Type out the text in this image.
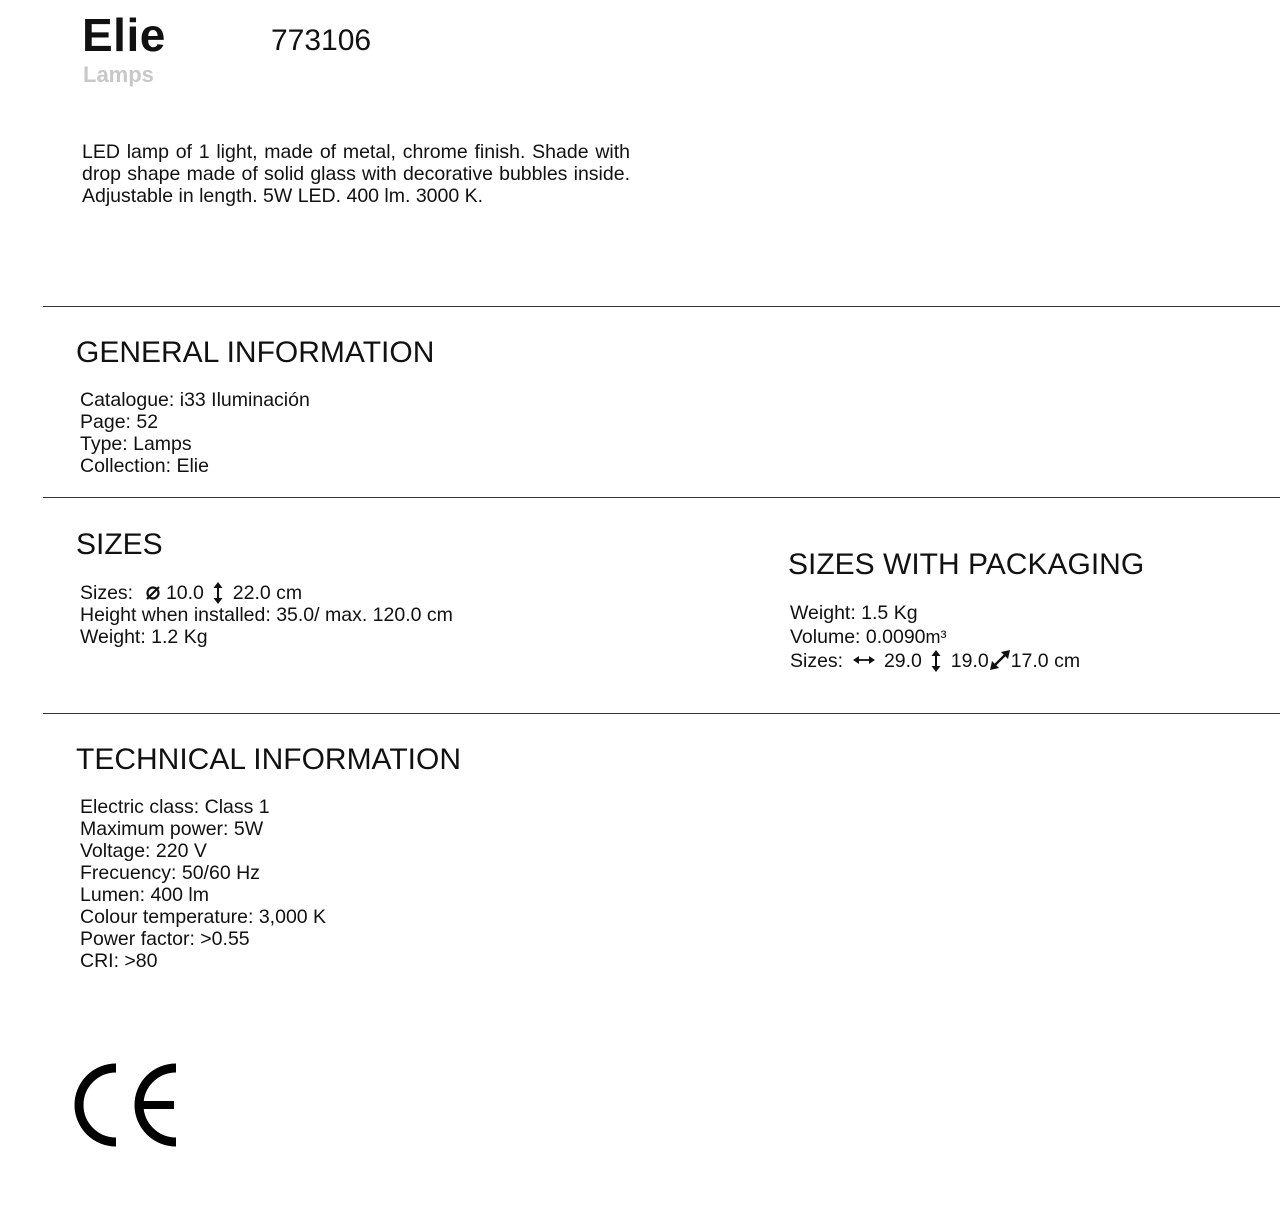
Elie	773106
Lamps

LED lamp of 1 light, made of metal, chrome finish. Shade with drop shape made of solid glass with decorative bubbles inside. Adjustable in length. 5W LED. 400 lm. 3000 K.

GENERAL INFORMATION
Catalogue: i33 Iluminación
Page: 52
Type: Lamps
Collection: Elie
SIZES
Sizes: 10.0 22.0 cm
Height when installed: 35.0/ max. 120.0 cm
Weight: 1.2 Kg
SIZES WITH PACKAGING
Weight: 1.5 Kg
Volume: 0.0090m³
Sizes: 29.0 19.0 17.0 cm
TECHNICAL INFORMATION
Electric class: Class 1
Maximum power: 5W
Voltage: 220 V
Frecuency: 50/60 Hz
Lumen: 400 lm
Colour temperature: 3,000 K
Power factor: >0.55
CRI: >80
